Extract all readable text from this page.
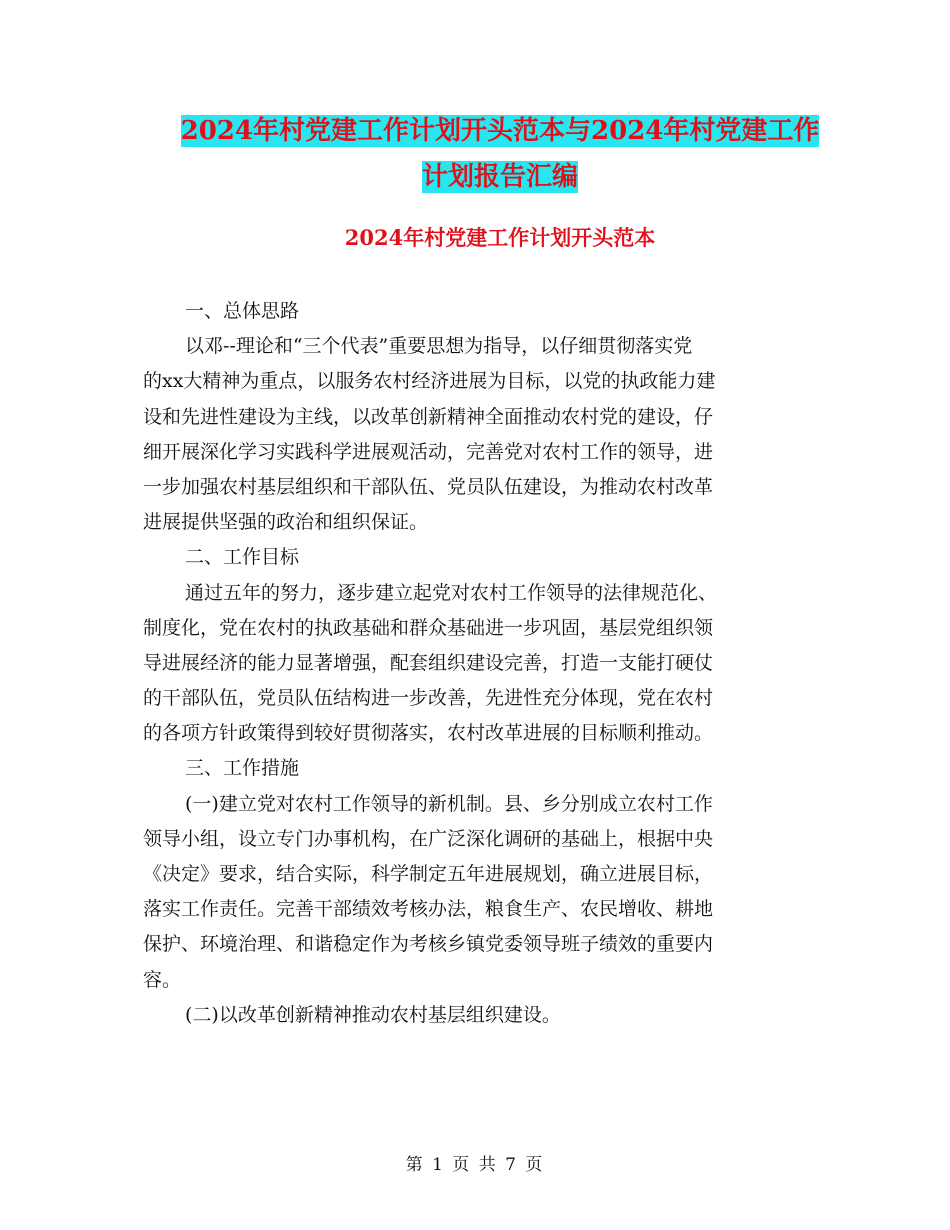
2024年村党建工作计划开头范本与2024年村党建工作
计划报告汇编
2024年村党建工作计划开头范本
一、总体思路
以邓--理论和“三个代表”重要思想为指导，以仔细贯彻落实党
的xx大精神为重点，以服务农村经济进展为目标，以党的执政能力建
设和先进性建设为主线，以改革创新精神全面推动农村党的建设，仔
细开展深化学习实践科学进展观活动，完善党对农村工作的领导，进
一步加强农村基层组织和干部队伍、党员队伍建设，为推动农村改革
进展提供坚强的政治和组织保证。
二、工作目标
通过五年的努力，逐步建立起党对农村工作领导的法律规范化、
制度化，党在农村的执政基础和群众基础进一步巩固，基层党组织领
导进展经济的能力显著增强，配套组织建设完善，打造一支能打硬仗
的干部队伍，党员队伍结构进一步改善，先进性充分体现，党在农村
的各项方针政策得到较好贯彻落实，农村改革进展的目标顺利推动。
三、工作措施
(一)建立党对农村工作领导的新机制。县、乡分别成立农村工作
领导小组，设立专门办事机构，在广泛深化调研的基础上，根据中央
《决定》要求，结合实际，科学制定五年进展规划，确立进展目标，
落实工作责任。完善干部绩效考核办法，粮食生产、农民增收、耕地
保护、环境治理、和谐稳定作为考核乡镇党委领导班子绩效的重要内
容。
(二)以改革创新精神推动农村基层组织建设。
第 1 页 共 7 页
